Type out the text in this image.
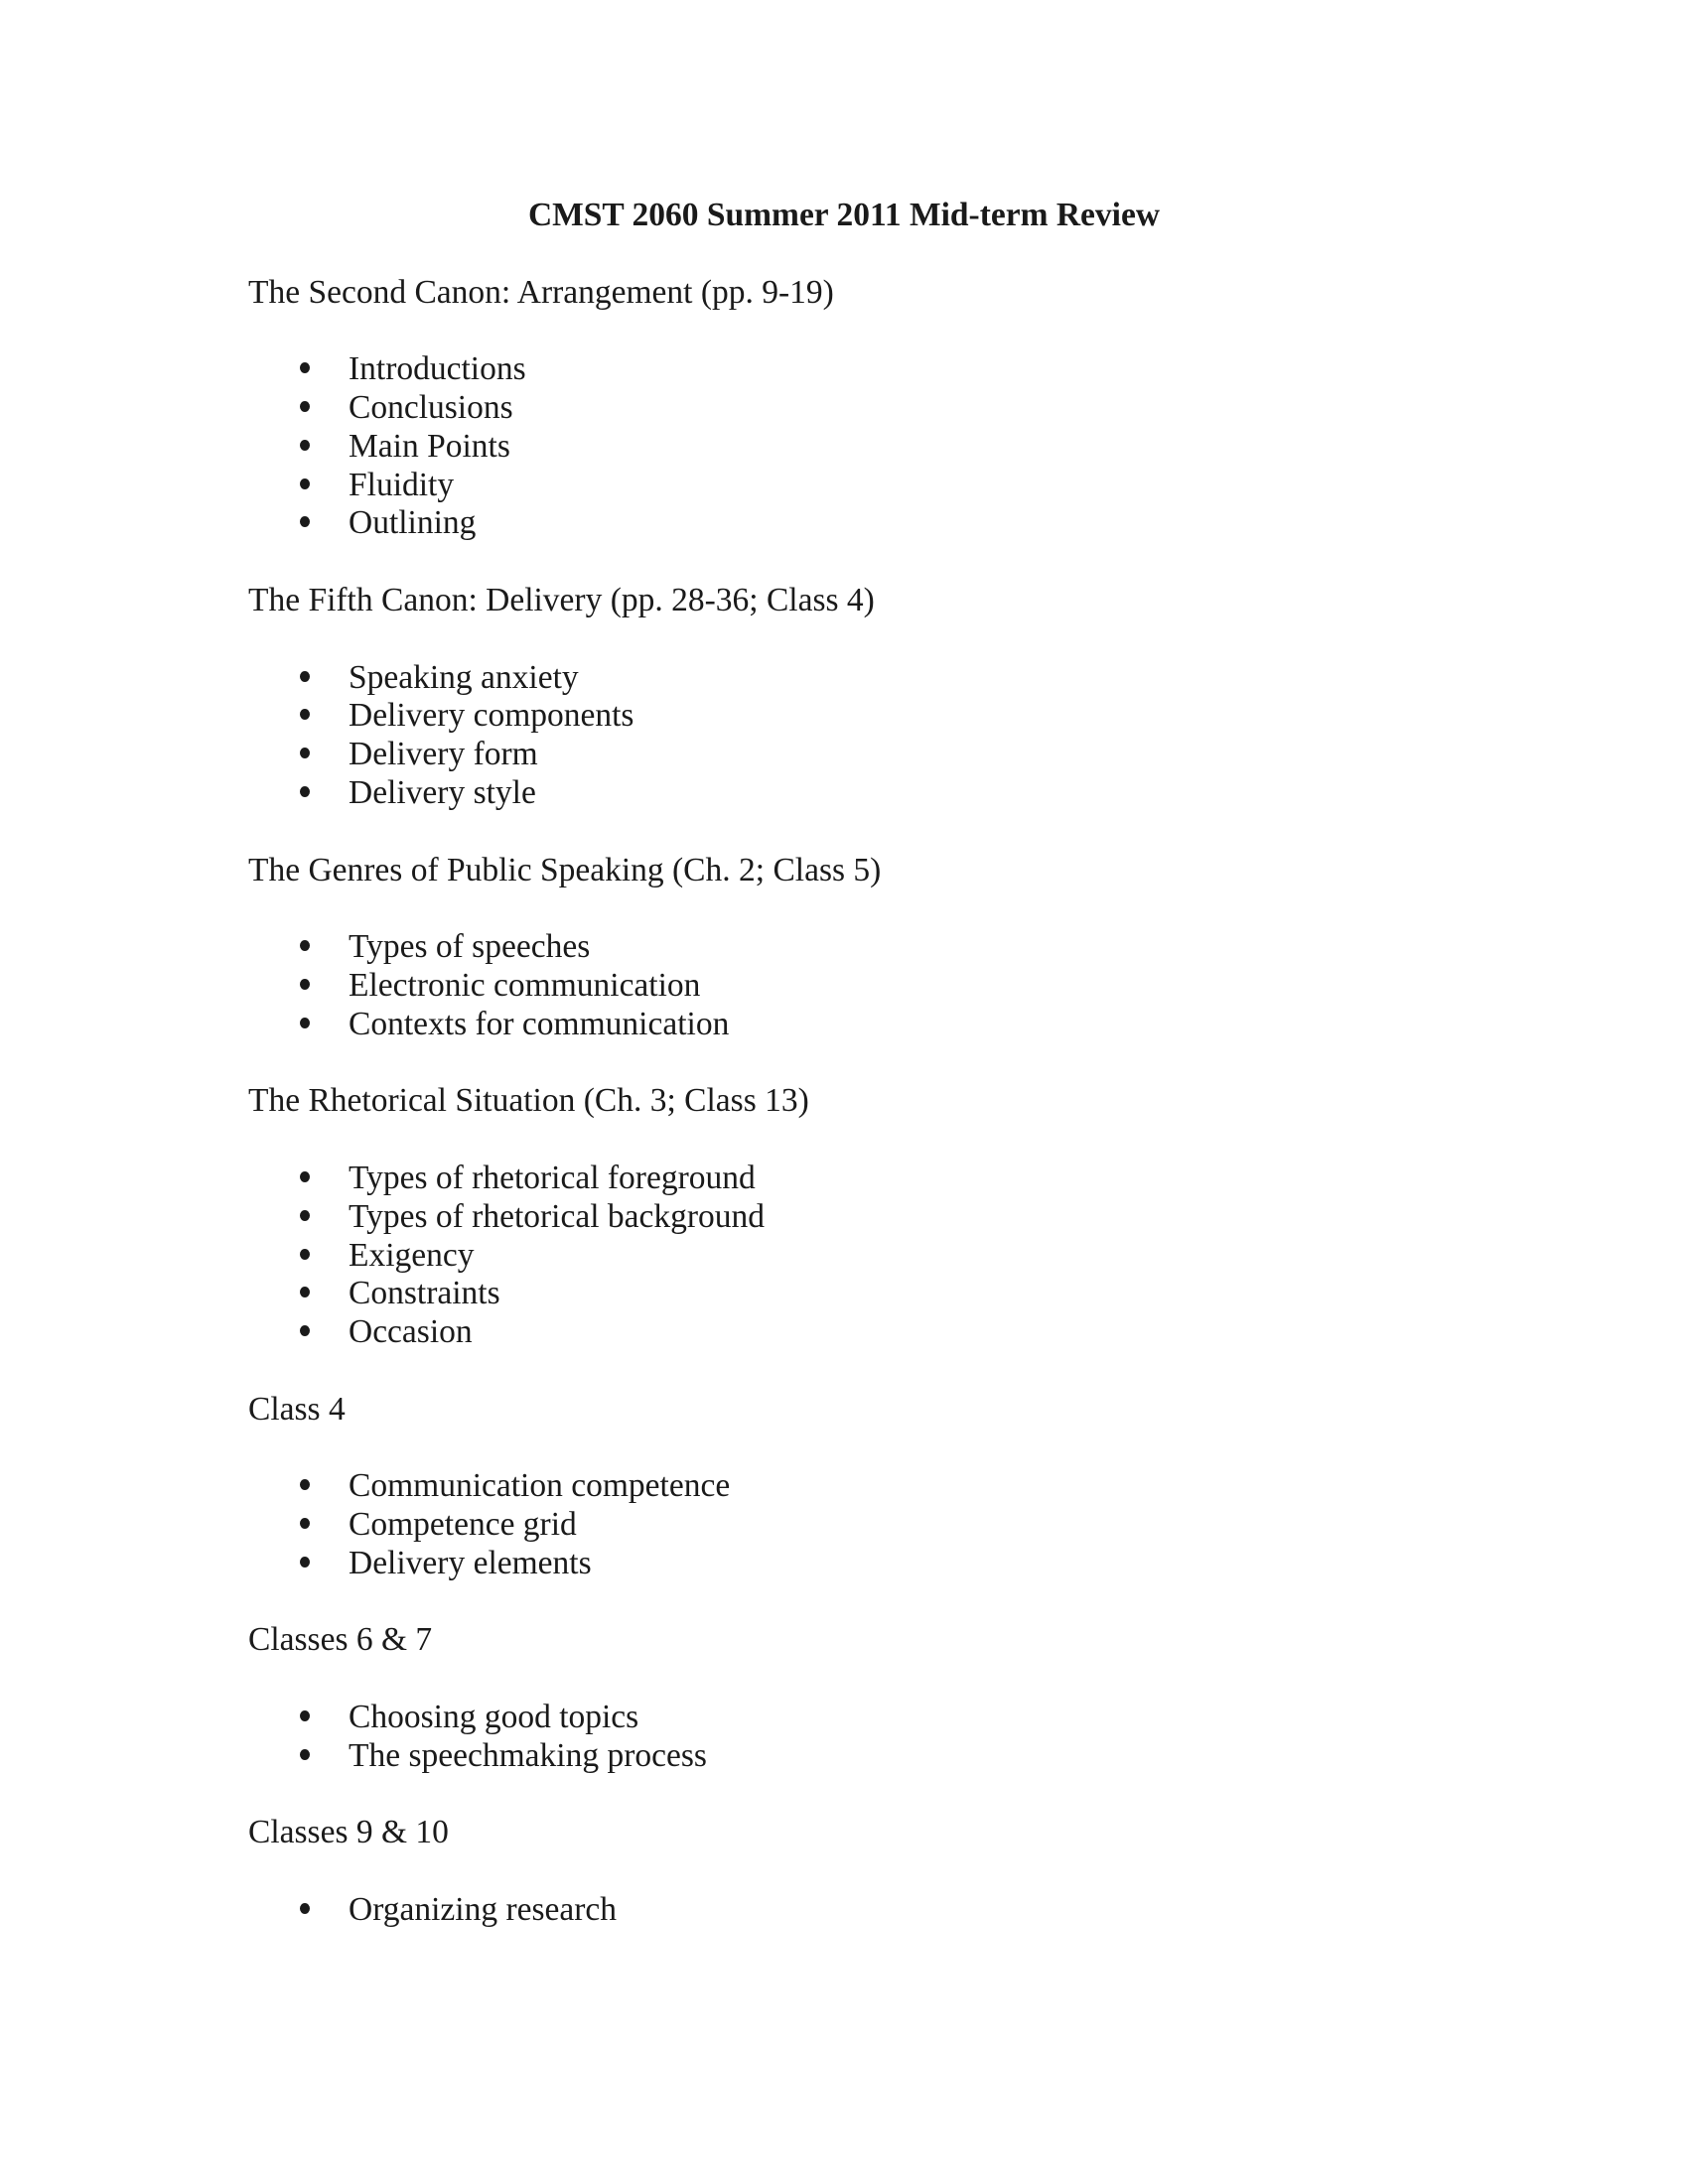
CMST 2060 Summer 2011 Mid-term Review

The Second Canon: Arrangement (pp. 9-19)

Introductions
Conclusions
Main Points
Fluidity
Outlining

The Fifth Canon: Delivery (pp. 28-36; Class 4)

Speaking anxiety
Delivery components
Delivery form
Delivery style

The Genres of Public Speaking (Ch. 2; Class 5)

Types of speeches
Electronic communication
Contexts for communication

The Rhetorical Situation (Ch. 3; Class 13)

Types of rhetorical foreground
Types of rhetorical background
Exigency
Constraints
Occasion

Class 4

Communication competence
Competence grid
Delivery elements

Classes 6 & 7

Choosing good topics
The speechmaking process

Classes 9 & 10

Organizing research
